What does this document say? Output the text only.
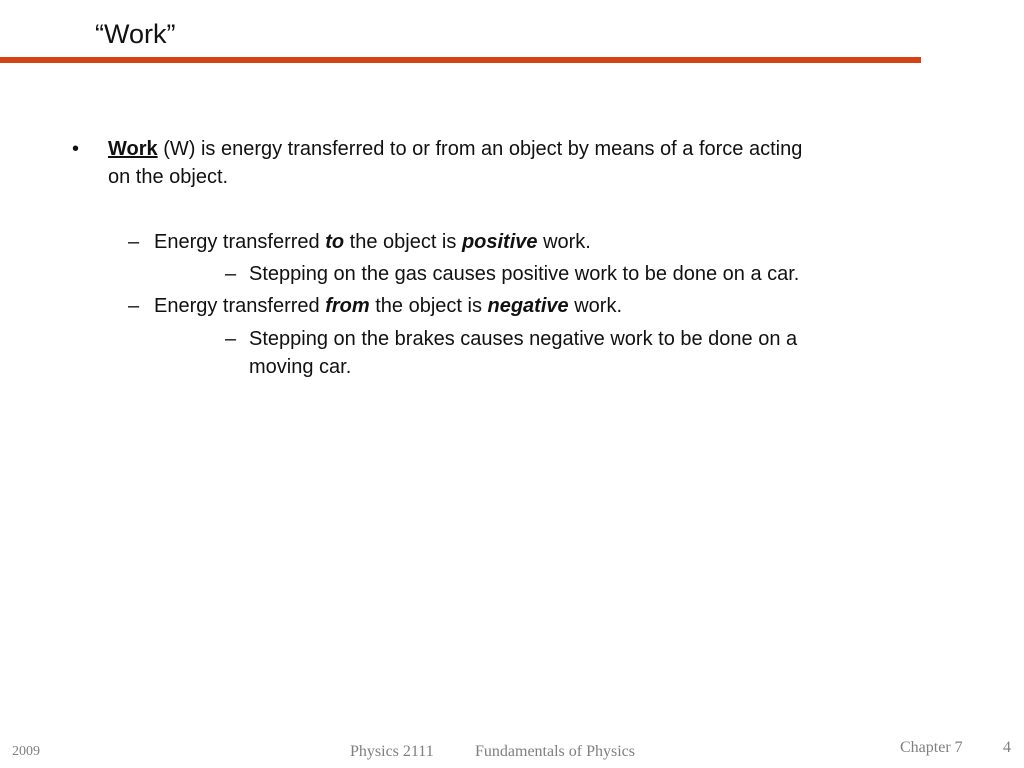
“Work”
• Work (W) is energy transferred to or from an object by means of a force acting
on the object.
– Energy transferred to the object is positive work.
– Stepping on the gas causes positive work to be done on a car.
– Energy transferred from the object is negative work.
– Stepping on the brakes causes negative work to be done on a
moving car.
2009	Physics 2111	Fundamentals of Physics	Chapter 7	4
